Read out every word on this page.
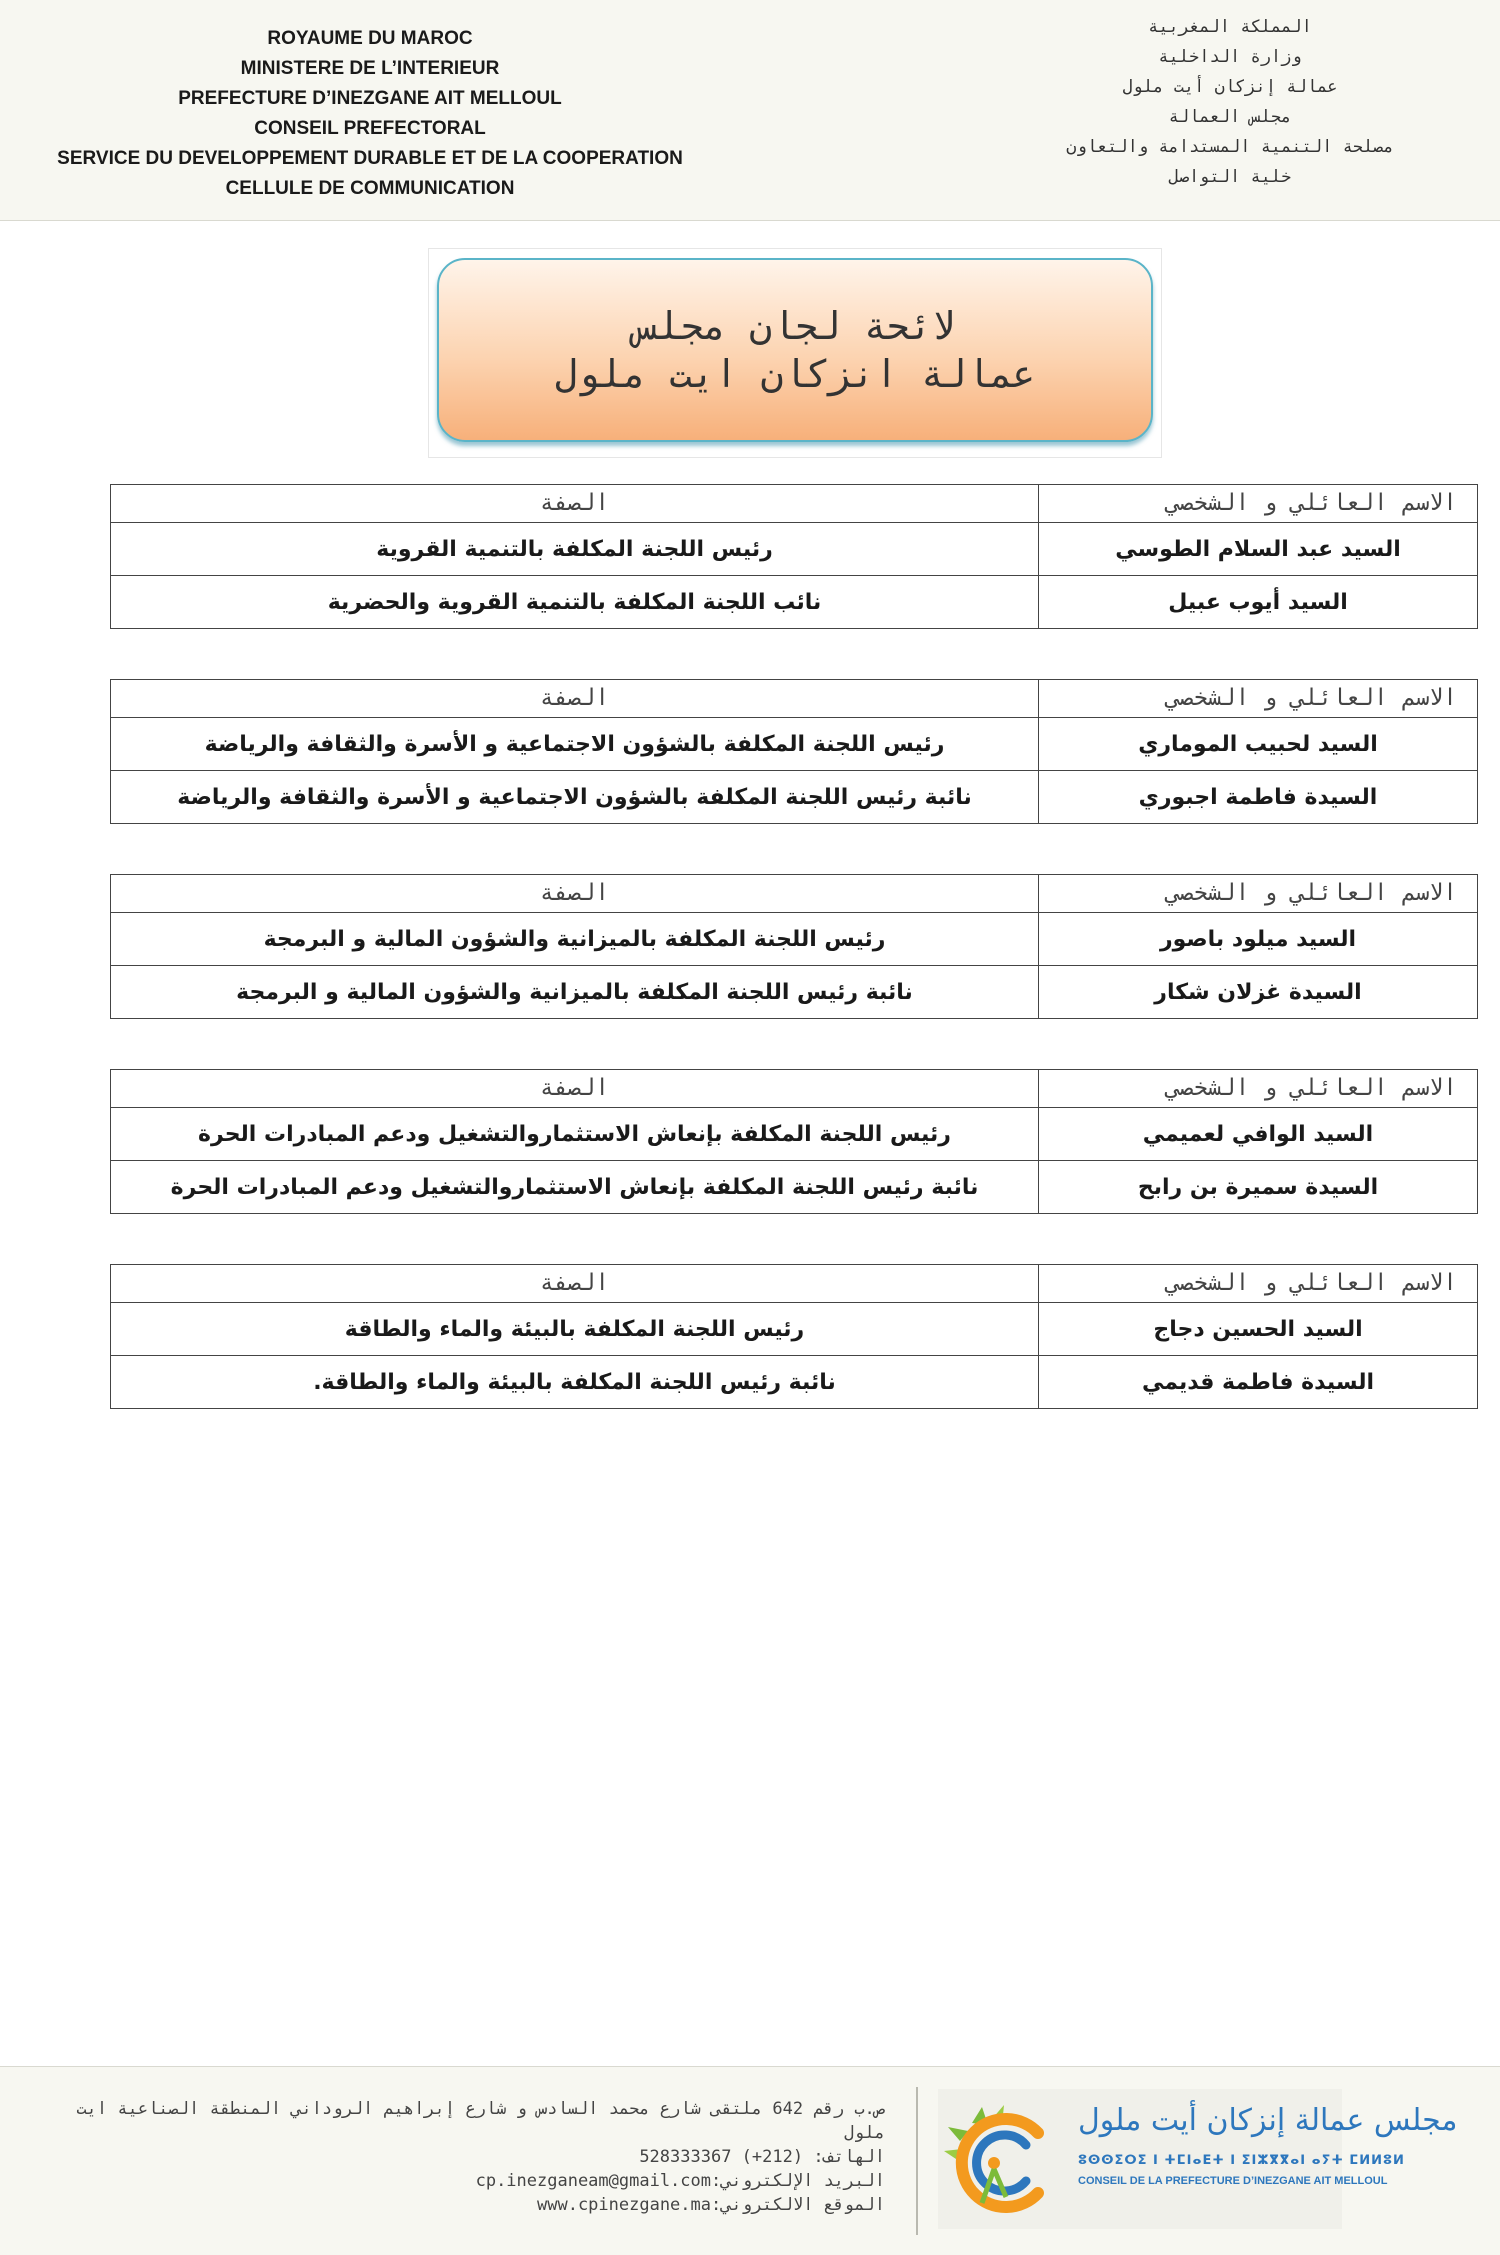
ROYAUME DU MAROC
MINISTERE DE L’INTERIEUR
PREFECTURE D’INEZGANE AIT MELLOUL
CONSEIL PREFECTORAL
SERVICE DU DEVELOPPEMENT DURABLE ET DE LA COOPERATION
CELLULE DE COMMUNICATION
المملكة المغربية
وزارة الداخلية
عمالة إنزكان أيت ملول
مجلس العمالة
مصلحة التنمية المستدامة والتعاون
خلية التواصل
لائحة لجان مجلس
عمالة انزكان ايت ملول
الاسم العائلي و الشخصي	الصفة
السيد عبد السلام الطوسي	رئيس اللجنة المكلفة بالتنمية القروية
السيد أيوب عبيل	نائب اللجنة المكلفة بالتنمية القروية والحضرية
الاسم العائلي و الشخصي	الصفة
السيد لحبيب الموماري	رئيس اللجنة المكلفة بالشؤون الاجتماعية و الأسرة والثقافة والرياضة
السيدة فاطمة اجبوري	نائبة رئيس اللجنة المكلفة بالشؤون الاجتماعية و الأسرة والثقافة والرياضة
الاسم العائلي و الشخصي	الصفة
السيد ميلود باصور	رئيس اللجنة المكلفة بالميزانية والشؤون المالية و البرمجة
السيدة غزلان شكار	نائبة رئيس اللجنة المكلفة بالميزانية والشؤون المالية و البرمجة
الاسم العائلي و الشخصي	الصفة
السيد الوافي لعميمي	رئيس اللجنة المكلفة بإنعاش الاستثماروالتشغيل ودعم المبادرات الحرة
السيدة سميرة بن رابح	نائبة رئيس اللجنة المكلفة بإنعاش الاستثماروالتشغيل ودعم المبادرات الحرة
الاسم العائلي و الشخصي	الصفة
السيد الحسين دجاج	رئيس اللجنة المكلفة بالبيئة والماء والطاقة
السيدة فاطمة قديمي	نائبة رئيس اللجنة المكلفة بالبيئة والماء والطاقة.
ص.ب رقم 642 ملتقى شارع محمد السادس و شارع إبراهيم الروداني المنطقة الصناعية ايت
ملول
الهاتف: (212+) 528333367
البريد الإلكتروني:cp.inezganeam@gmail.com
الموقع الالكتروني:www.cpinezgane.ma
مجلس عمالة إنزكان أيت ملول
ⵓⵙⵙⵉⵔⵉ ⵏ ⵜⵎⵏⴰⴹⵜ ⵏ ⵉⵏⵣⴳⴳⴰⵏ ⴰⵢⵜ ⵎⵍⵍⵓⵍ
CONSEIL DE LA PREFECTURE D’INEZGANE AIT MELLOUL
